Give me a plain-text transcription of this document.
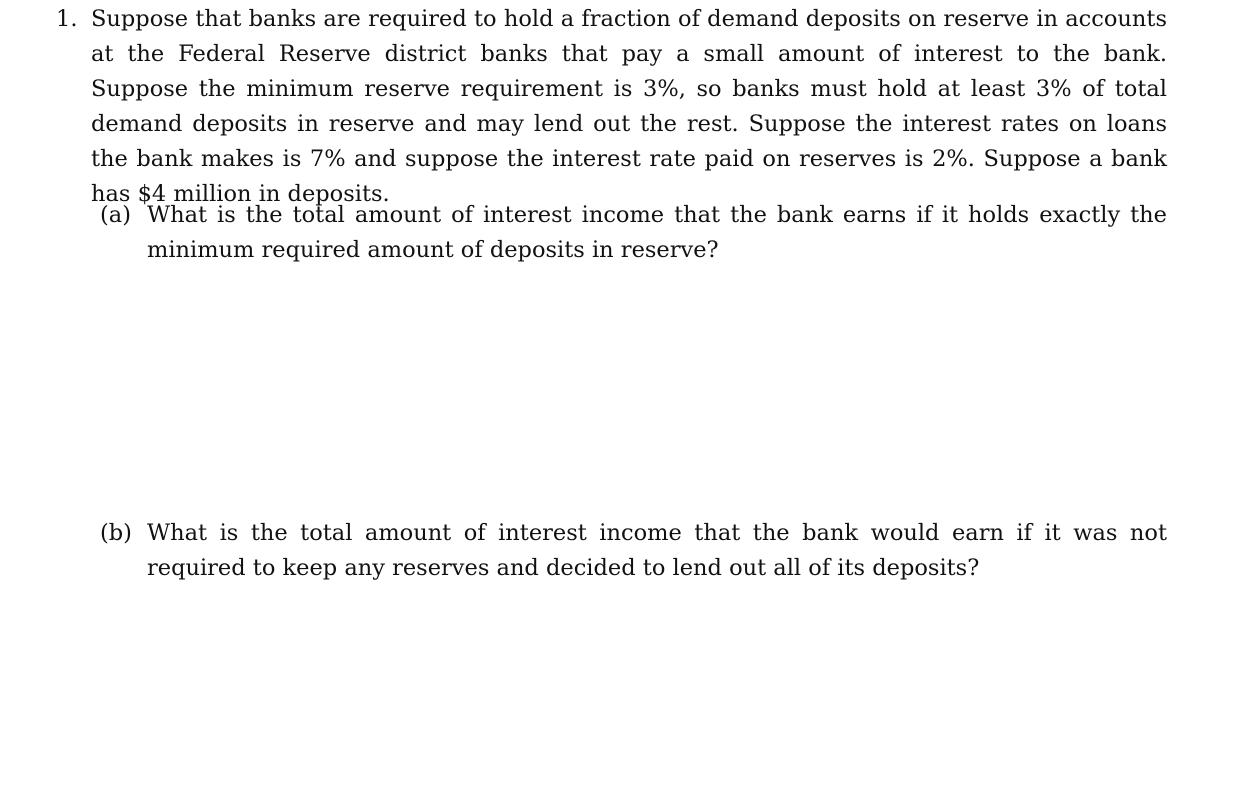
1. Suppose that banks are required to hold a fraction of demand deposits on reserve in accounts at the Federal Reserve district banks that pay a small amount of interest to the bank. Suppose the minimum reserve requirement is 3%, so banks must hold at least 3% of total demand deposits in reserve and may lend out the rest. Suppose the interest rates on loans the bank makes is 7% and suppose the interest rate paid on reserves is 2%. Suppose a bank has $4 million in deposits.
(a) What is the total amount of interest income that the bank earns if it holds exactly the minimum required amount of deposits in reserve?
(b) What is the total amount of interest income that the bank would earn if it was not required to keep any reserves and decided to lend out all of its deposits?
